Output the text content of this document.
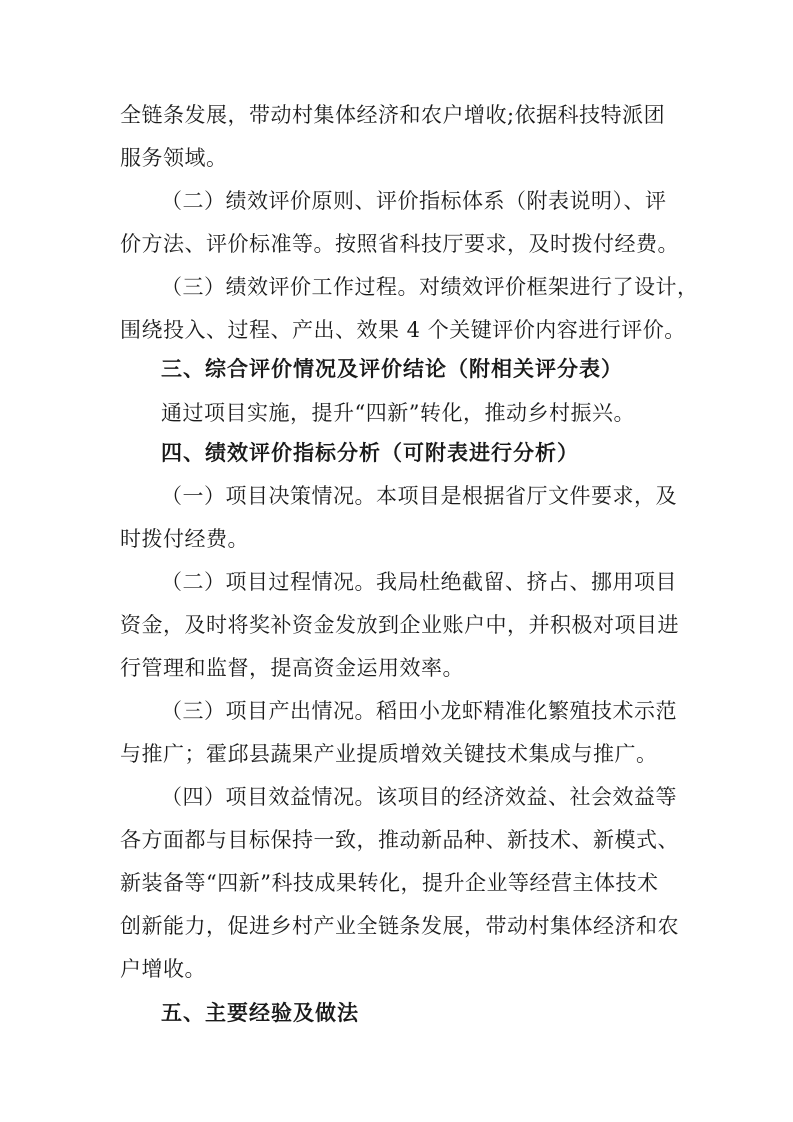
全链条发展，带动村集体经济和农户增收;依据科技特派团
服务领域。
（二）绩效评价原则、评价指标体系（附表说明）、评
价方法、评价标准等。按照省科技厅要求，及时拨付经费。
（三）绩效评价工作过程。对绩效评价框架进行了设计，
围绕投入、过程、产出、效果 4 个关键评价内容进行评价。
三、综合评价情况及评价结论（附相关评分表）
通过项目实施，提升“四新”转化，推动乡村振兴。
四、绩效评价指标分析（可附表进行分析）
（一）项目决策情况。本项目是根据省厅文件要求，及
时拨付经费。
（二）项目过程情况。我局杜绝截留、挤占、挪用项目
资金，及时将奖补资金发放到企业账户中，并积极对项目进
行管理和监督，提高资金运用效率。
（三）项目产出情况。稻田小龙虾精准化繁殖技术示范
与推广；霍邱县蔬果产业提质增效关键技术集成与推广。
（四）项目效益情况。该项目的经济效益、社会效益等
各方面都与目标保持一致，推动新品种、新技术、新模式、
新装备等“四新”科技成果转化，提升企业等经营主体技术
创新能力，促进乡村产业全链条发展，带动村集体经济和农
户增收。
五、主要经验及做法
